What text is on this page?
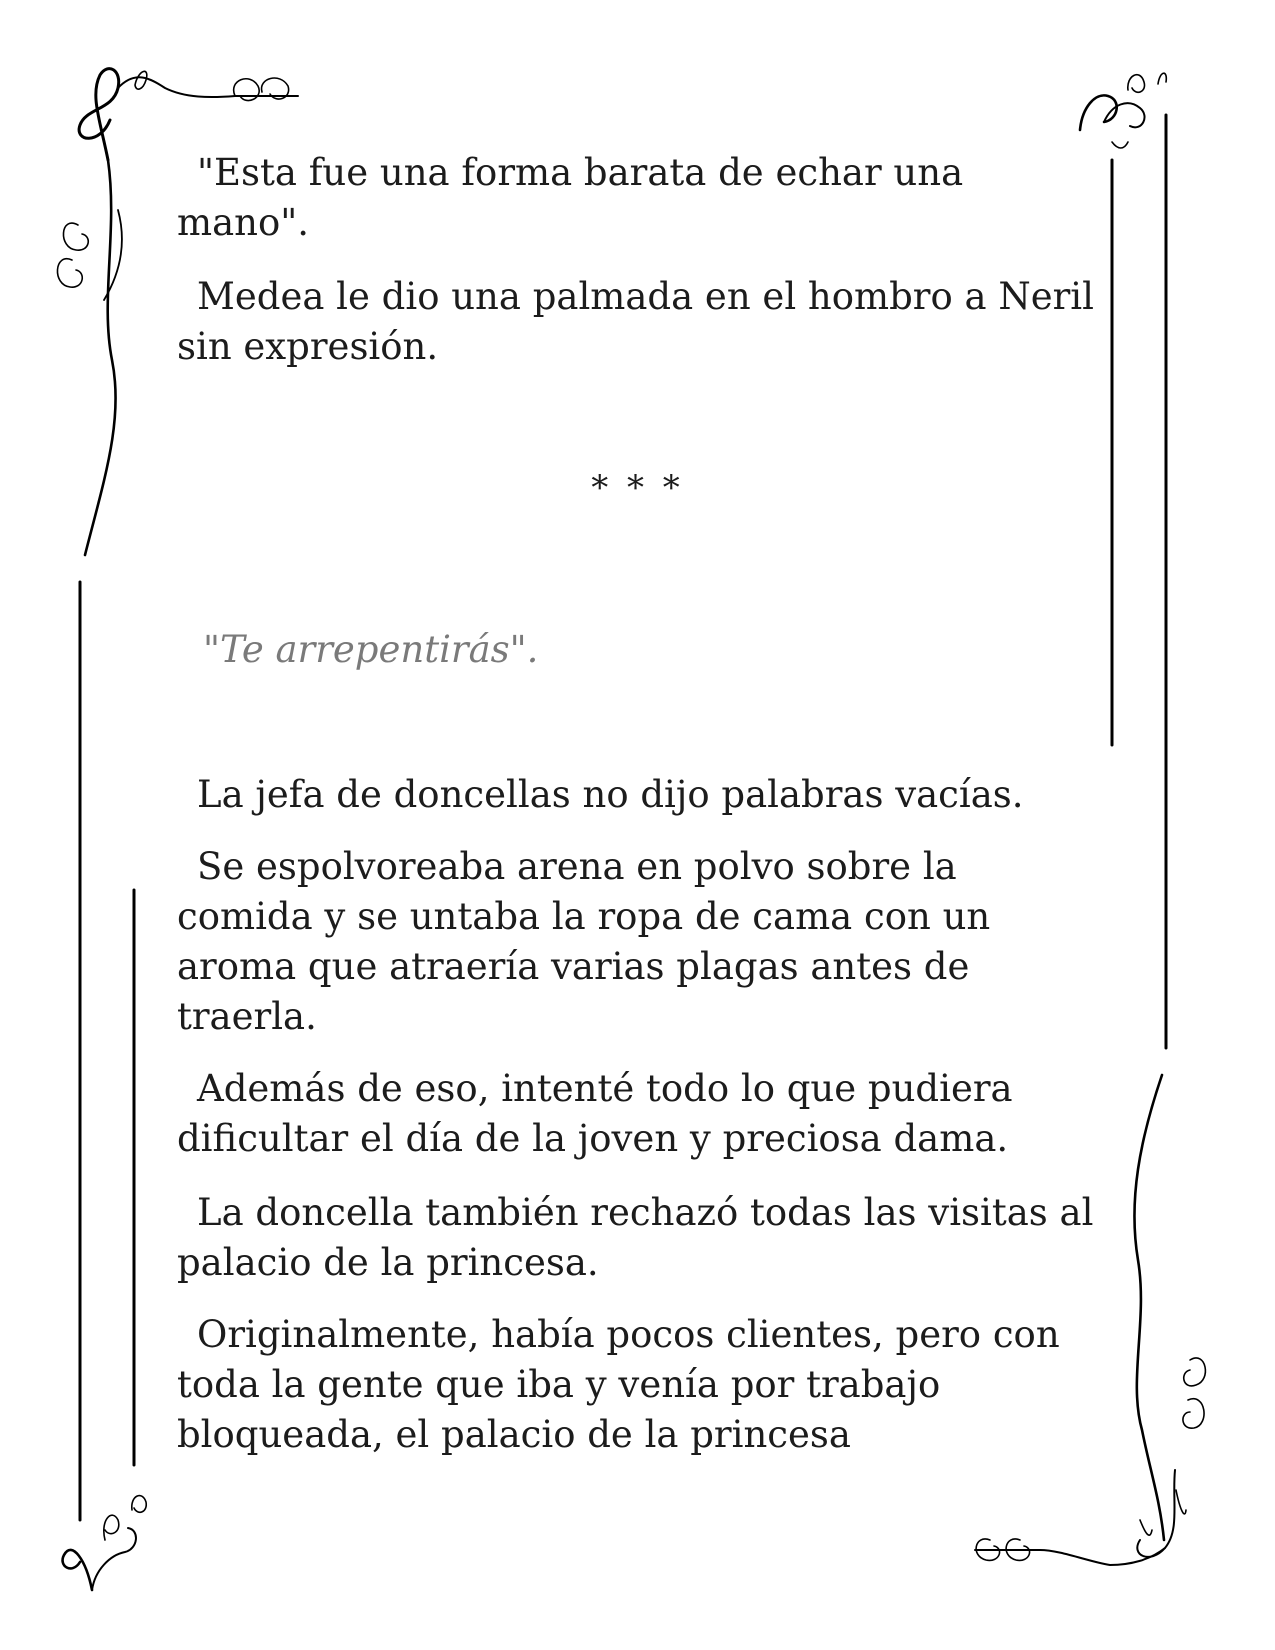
"Esta fue una forma barata de echar una mano".

Medea le dio una palmada en el hombro a Neril sin expresión.

* * *

"Te arrepentirás".

La jefa de doncellas no dijo palabras vacías.

Se espolvoreaba arena en polvo sobre la comida y se untaba la ropa de cama con un aroma que atraería varias plagas antes de traerla.

Además de eso, intenté todo lo que pudiera dificultar el día de la joven y preciosa dama.

La doncella también rechazó todas las visitas al palacio de la princesa.

Originalmente, había pocos clientes, pero con toda la gente que iba y venía por trabajo bloqueada, el palacio de la princesa
